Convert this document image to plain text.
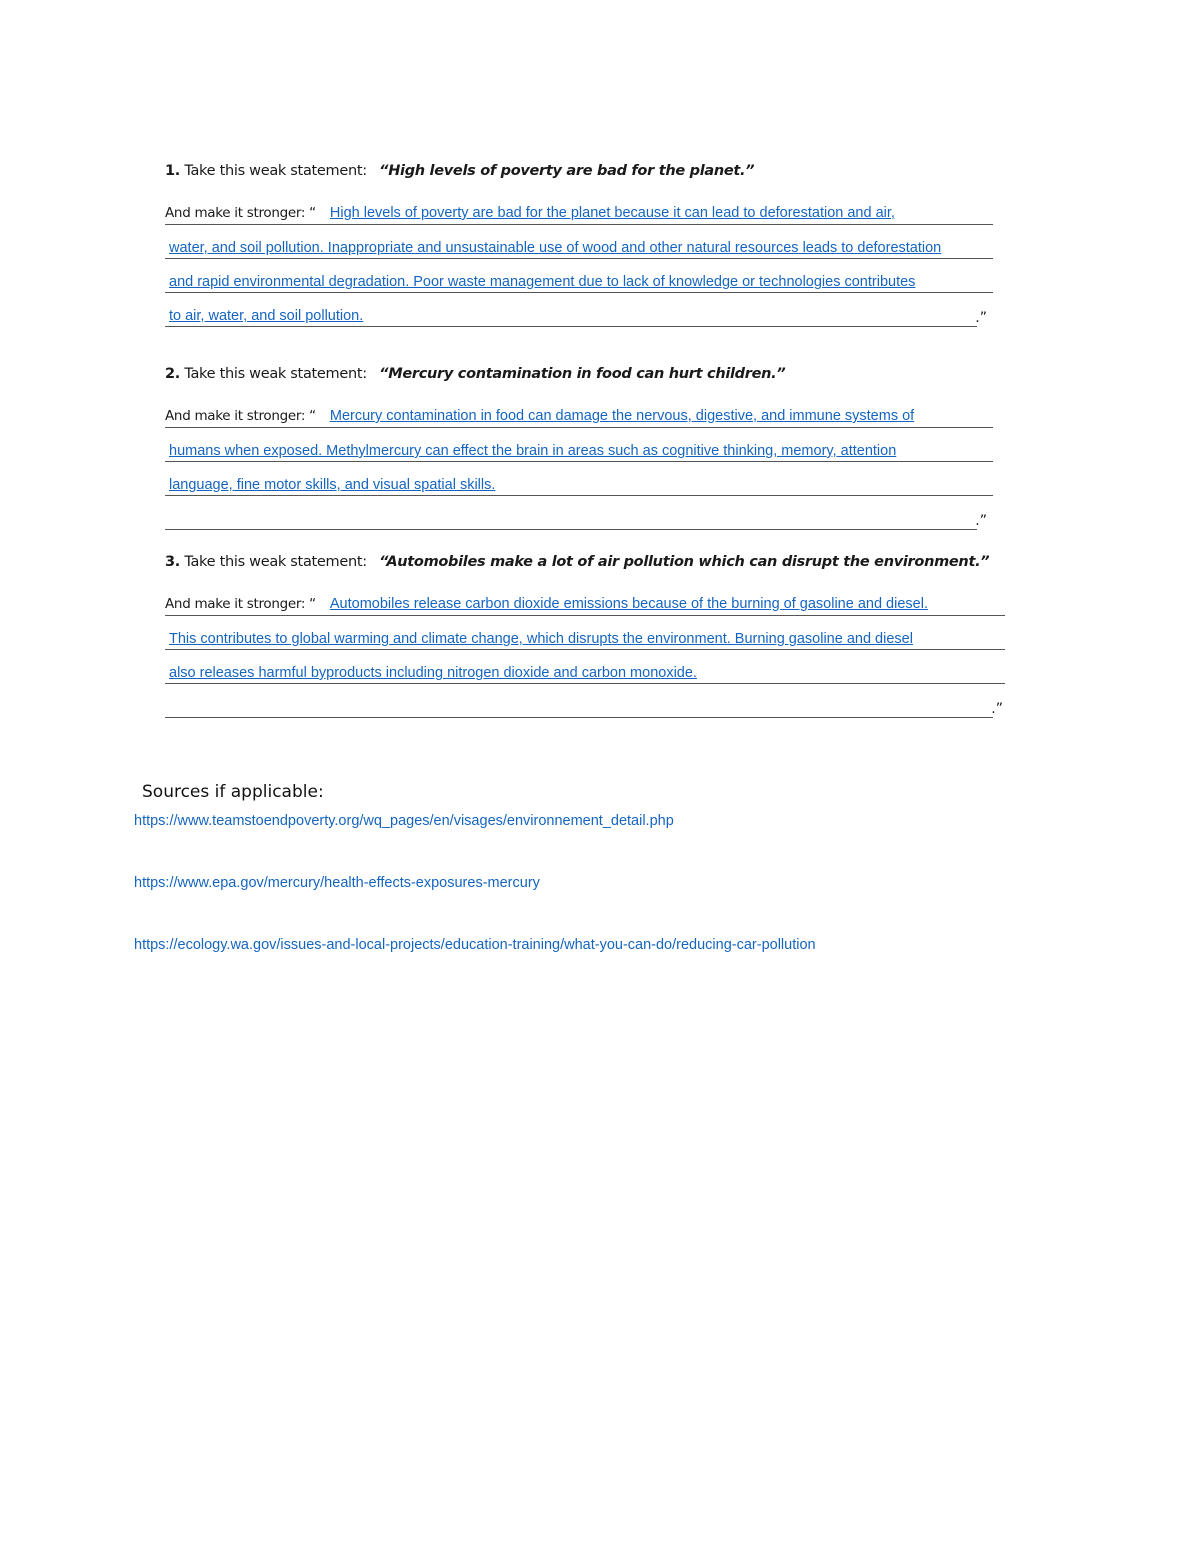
1. Take this weak statement: “High levels of poverty are bad for the planet.”
And make it stronger: “ High levels of poverty are bad for the planet because it can lead to deforestation and air,
water, and soil pollution. Inappropriate and unsustainable use of wood and other natural resources leads to deforestation
and rapid environmental degradation. Poor waste management due to lack of knowledge or technologies contributes
to air, water, and soil pollution.	.”
2. Take this weak statement: “Mercury contamination in food can hurt children.”
And make it stronger: “ Mercury contamination in food can damage the nervous, digestive, and immune systems of
humans when exposed. Methylmercury can effect the brain in areas such as cognitive thinking, memory, attention
language, fine motor skills, and visual spatial skills.
.”
3. Take this weak statement: “Automobiles make a lot of air pollution which can disrupt the environment.”
And make it stronger: “ Automobiles release carbon dioxide emissions because of the burning of gasoline and diesel.
This contributes to global warming and climate change, which disrupts the environment. Burning gasoline and diesel
also releases harmful byproducts including nitrogen dioxide and carbon monoxide.
.”
Sources if applicable:
https://www.teamstoendpoverty.org/wq_pages/en/visages/environnement_detail.php
https://www.epa.gov/mercury/health-effects-exposures-mercury
https://ecology.wa.gov/issues-and-local-projects/education-training/what-you-can-do/reducing-car-pollution
